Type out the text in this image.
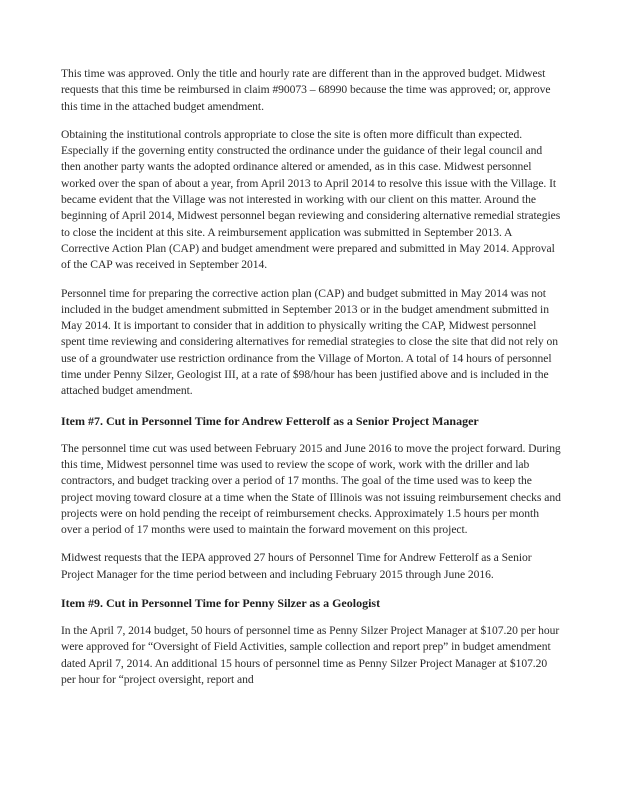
This time was approved. Only the title and hourly rate are different than in the approved budget. Midwest requests that this time be reimbursed in claim #90073 – 68990 because the time was approved; or, approve this time in the attached budget amendment.

Obtaining the institutional controls appropriate to close the site is often more difficult than expected. Especially if the governing entity constructed the ordinance under the guidance of their legal council and then another party wants the adopted ordinance altered or amended, as in this case. Midwest personnel worked over the span of about a year, from April 2013 to April 2014 to resolve this issue with the Village. It became evident that the Village was not interested in working with our client on this matter. Around the beginning of April 2014, Midwest personnel began reviewing and considering alternative remedial strategies to close the incident at this site. A reimbursement application was submitted in September 2013. A Corrective Action Plan (CAP) and budget amendment were prepared and submitted in May 2014. Approval of the CAP was received in September 2014.

Personnel time for preparing the corrective action plan (CAP) and budget submitted in May 2014 was not included in the budget amendment submitted in September 2013 or in the budget amendment submitted in May 2014. It is important to consider that in addition to physically writing the CAP, Midwest personnel spent time reviewing and considering alternatives for remedial strategies to close the site that did not rely on use of a groundwater use restriction ordinance from the Village of Morton. A total of 14 hours of personnel time under Penny Silzer, Geologist III, at a rate of $98/hour has been justified above and is included in the attached budget amendment.

Item #7. Cut in Personnel Time for Andrew Fetterolf as a Senior Project Manager

The personnel time cut was used between February 2015 and June 2016 to move the project forward. During this time, Midwest personnel time was used to review the scope of work, work with the driller and lab contractors, and budget tracking over a period of 17 months. The goal of the time used was to keep the project moving toward closure at a time when the State of Illinois was not issuing reimbursement checks and projects were on hold pending the receipt of reimbursement checks. Approximately 1.5 hours per month over a period of 17 months were used to maintain the forward movement on this project.

Midwest requests that the IEPA approved 27 hours of Personnel Time for Andrew Fetterolf as a Senior Project Manager for the time period between and including February 2015 through June 2016.

Item #9. Cut in Personnel Time for Penny Silzer as a Geologist

In the April 7, 2014 budget, 50 hours of personnel time as Penny Silzer Project Manager at $107.20 per hour were approved for “Oversight of Field Activities, sample collection and report prep” in budget amendment dated April 7, 2014. An additional 15 hours of personnel time as Penny Silzer Project Manager at $107.20 per hour for “project oversight, report and
